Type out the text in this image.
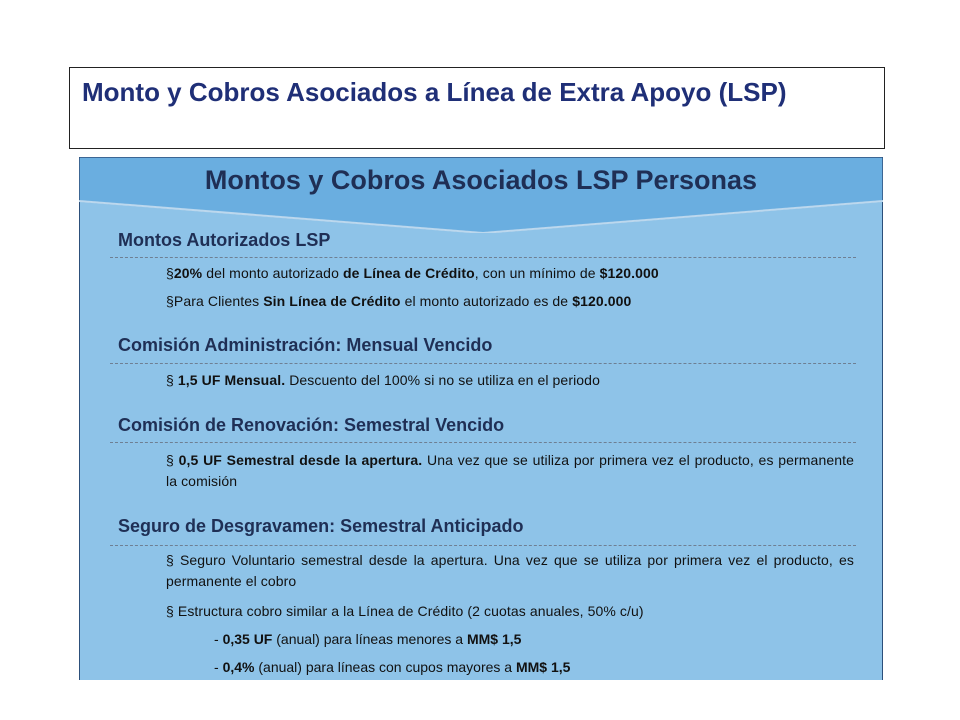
Monto y Cobros Asociados a Línea de Extra Apoyo (LSP)
Montos y Cobros Asociados LSP Personas
Montos Autorizados LSP
§20% del monto autorizado de Línea de Crédito, con un mínimo de $120.000
§Para Clientes Sin Línea de Crédito el monto autorizado es de $120.000
Comisión Administración: Mensual Vencido
§ 1,5 UF Mensual. Descuento del 100% si no se utiliza en el periodo
Comisión de Renovación: Semestral Vencido
§ 0,5 UF Semestral desde la apertura. Una vez que se utiliza por primera vez el producto, es permanente la comisión
Seguro de Desgravamen: Semestral Anticipado
§ Seguro Voluntario semestral desde la apertura. Una vez que se utiliza por primera vez el producto, es permanente el cobro
§ Estructura cobro similar a la Línea de Crédito (2 cuotas anuales, 50% c/u)
- 0,35 UF (anual) para líneas menores a MM$ 1,5
- 0,4% (anual) para líneas con cupos mayores a MM$ 1,5
